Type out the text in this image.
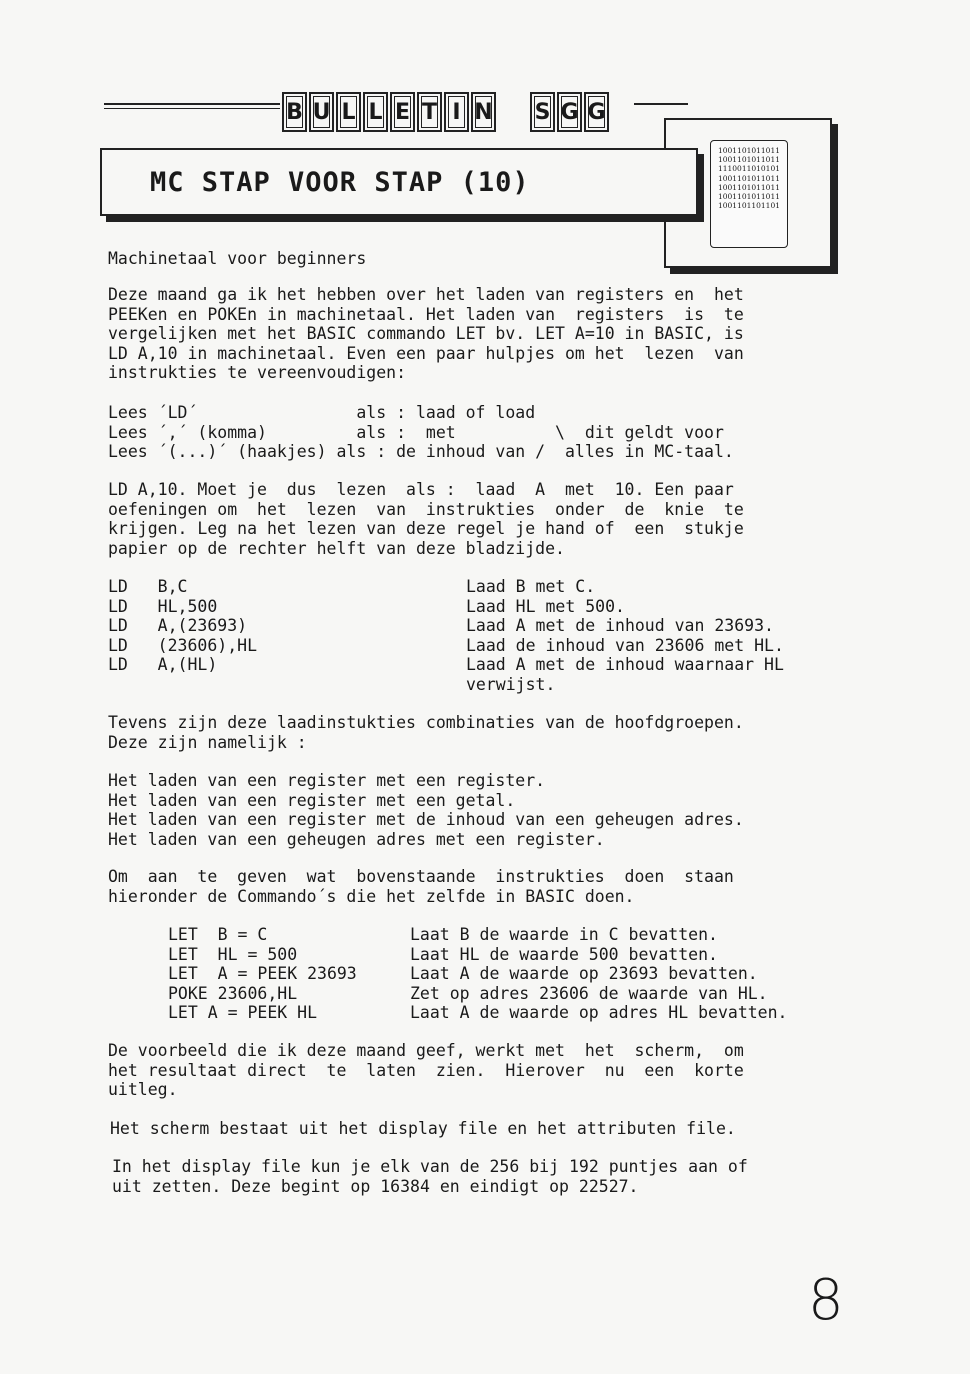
B U L L E T I N S G G
1001101011011
1001101011011
1110011010101
1001101011011
1001101011011
1001101011011
1001101101101
MC STAP VOOR STAP (10)
Machinetaal voor beginners
Deze maand ga ik het hebben over het laden van registers en  het
PEEKen en POKEn in machinetaal. Het laden van  registers  is  te
vergelijken met het BASIC commando LET bv. LET A=10 in BASIC, is
LD A,10 in machinetaal. Even een paar hulpjes om het  lezen  van
instrukties te vereenvoudigen:
Lees ´LD´                als : laad of load
Lees ´,´ (komma)         als :  met          \  dit geldt voor
Lees ´(...)´ (haakjes) als : de inhoud van /  alles in MC-taal.
LD A,10. Moet je  dus  lezen  als :  laad  A  met  10. Een paar
oefeningen om  het  lezen  van  instrukties  onder  de  knie  te
krijgen. Leg na het lezen van deze regel je hand of  een  stukje
papier op de rechter helft van deze bladzijde.
LD   B,C	Laad B met C.
LD   HL,500	Laad HL met 500.
LD   A,(23693)	Laad A met de inhoud van 23693.
LD   (23606),HL	Laad de inhoud van 23606 met HL.
LD   A,(HL)	Laad A met de inhoud waarnaar HL
verwijst.
Tevens zijn deze laadinstukties combinaties van de hoofdgroepen.
Deze zijn namelijk :
Het laden van een register met een register.
Het laden van een register met een getal.
Het laden van een register met de inhoud van een geheugen adres.
Het laden van een geheugen adres met een register.
Om  aan  te  geven  wat  bovenstaande  instrukties  doen  staan
hieronder de Commando´s die het zelfde in BASIC doen.
LET  B = C	Laat B de waarde in C bevatten.
LET  HL = 500	Laat HL de waarde 500 bevatten.
LET  A = PEEK 23693	Laat A de waarde op 23693 bevatten.
POKE 23606,HL	Zet op adres 23606 de waarde van HL.
LET A = PEEK HL	Laat A de waarde op adres HL bevatten.
De voorbeeld die ik deze maand geef, werkt met  het  scherm,  om
het resultaat direct  te  laten  zien.  Hierover  nu  een  korte
uitleg.
Het scherm bestaat uit het display file en het attributen file.
In het display file kun je elk van de 256 bij 192 puntjes aan of
uit zetten. Deze begint op 16384 en eindigt op 22527.
8
